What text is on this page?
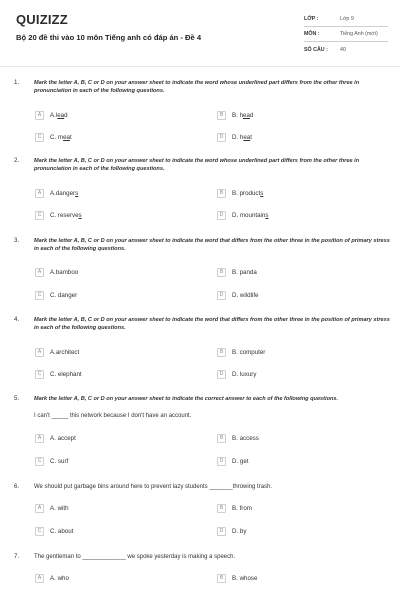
QUIZIZZ
Bộ 20 đề thi vào 10 môn Tiếng anh có đáp án - Đề 4
LỚP :	Lớp 9
MÔN :	Tiếng Anh (mới)
SỐ CÂU :	40
1.	Mark the letter A, B, C or D on your answer sheet to indicate the word whose underlined part differs from the other three in pronunciation in each of the following questions.
A	A.lead	B	B. head
C	C. meat	D	D. heat
2.	Mark the letter A, B, C or D on your answer sheet to indicate the word whose underlined part differs from the other three in pronunciation in each of the following questions.
A	A.dangers	B	B. products
C	C. reserves	D	D. mountains
3.	Mark the letter A, B, C or D on your answer sheet to indicate the word that differs from the other three in the position of primary stress in each of the following questions.
A	A.bamboo	B	B. panda
C	C. danger	D	D. wildlife
4.	Mark the letter A, B, C or D on your answer sheet to indicate the word that differs from the other three in the position of primary stress in each of the following questions.
A	A.architect	B	B. computer
C	C. elephant	D	D. luxury
5.	Mark the letter A, B, C or D on your answer sheet to indicate the correct answer to each of the following questions.
I can't _____ this network because I don't have an account.
A	A. accept	B	B. access
C	C. surf	D	D. get
6. We should put garbage bins around here to prevent lazy students _______throwing trash.
A	A. with	B	B. from
C	C. about	D	D. by
7. The gentleman to _____________ we spoke yesterday is making a speech.
A	A. who	B	B. whose
